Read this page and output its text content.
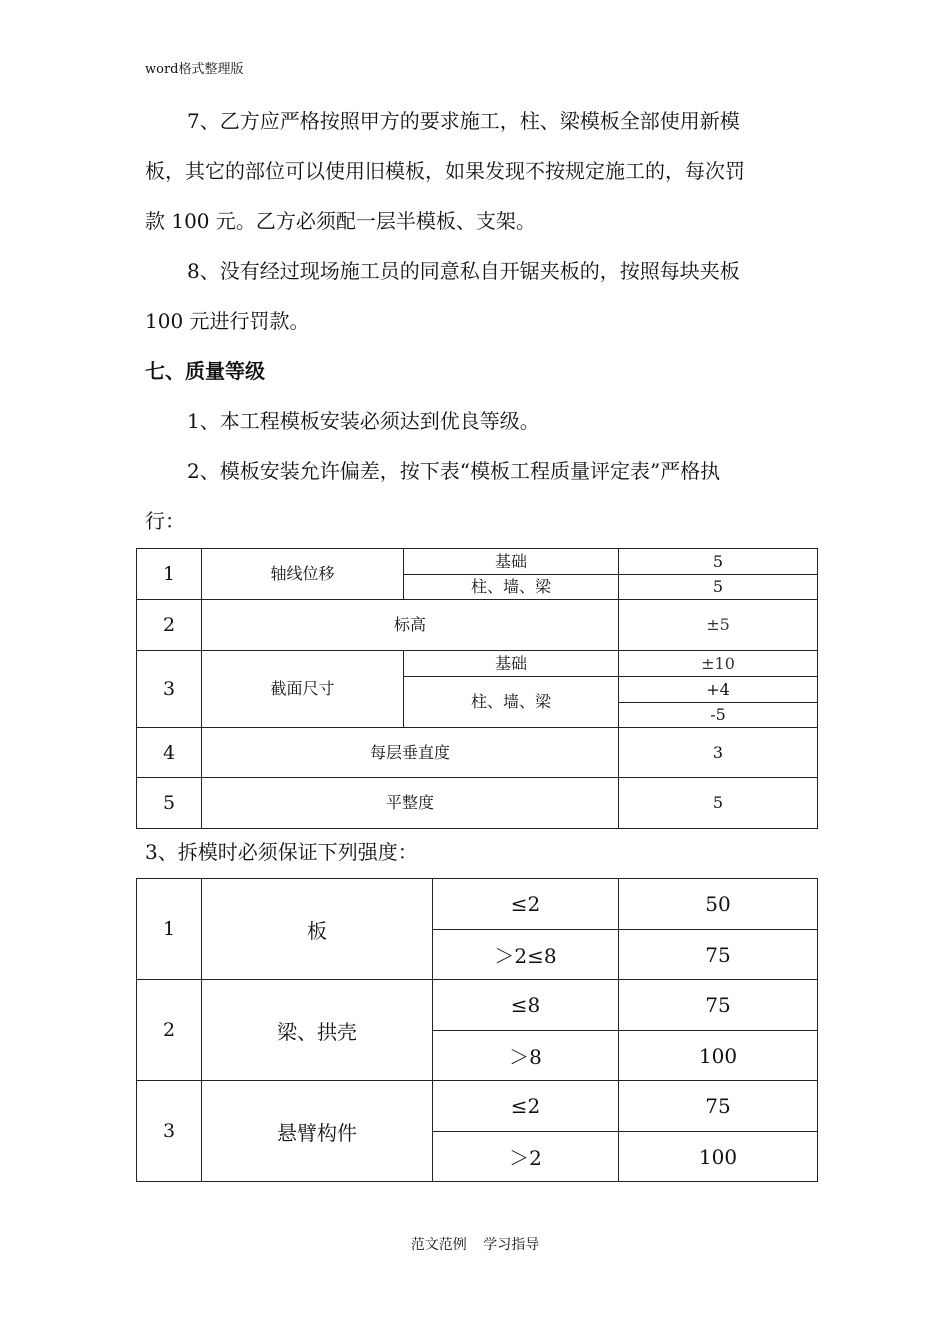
word格式整理版

7、乙方应严格按照甲方的要求施工，柱、梁模板全部使用新模
板，其它的部位可以使用旧模板，如果发现不按规定施工的，每次罚
款 100 元。乙方必须配一层半模板、支架。

8、没有经过现场施工员的同意私自开锯夹板的，按照每块夹板
100 元进行罚款。

七、质量等级

1、本工程模板安装必须达到优良等级。

2、模板安装允许偏差，按下表“模板工程质量评定表”严格执
行：

1	轴线位移	基础	5
		柱、墙、梁	5
2	标高		±5
3	截面尺寸	基础	±10
		柱、墙、梁	+4
			-5
4	每层垂直度		3
5	平整度		5
3、拆模时必须保证下列强度：
1	板	≤2	50
		＞2≤8	75
2	梁、拱壳	≤8	75
		＞8	100
3	悬臂构件	≤2	75
		＞2	100
范文范例 学习指导
